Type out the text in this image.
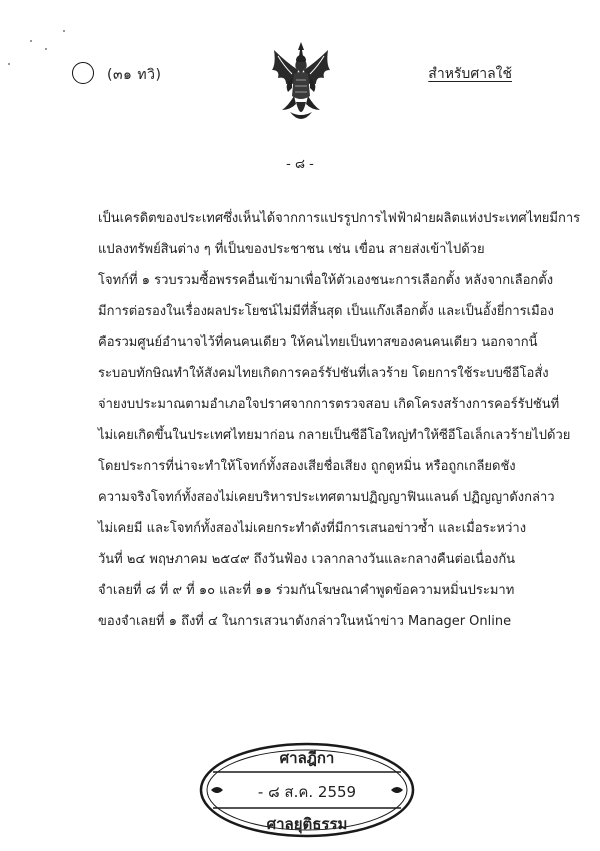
(๓๑ ทวิ)	สำหรับศาลใช้
- ๘ -
เป็นเครดิตของประเทศซึ่งเห็นได้จากการแปรรูปการไฟฟ้าฝ่ายผลิตแห่งประเทศไทยมีการ
แปลงทรัพย์สินต่าง ๆ ที่เป็นของประชาชน เช่น เขื่อน สายส่งเข้าไปด้วย
โจทก์ที่ ๑ รวบรวมซื้อพรรคอื่นเข้ามาเพื่อให้ตัวเองชนะการเลือกตั้ง หลังจากเลือกตั้ง
มีการต่อรองในเรื่องผลประโยชน์ไม่มีที่สิ้นสุด เป็นแก๊งเลือกตั้ง และเป็นอั้งยี่การเมือง
คือรวมศูนย์อำนาจไว้ที่คนคนเดียว ให้คนไทยเป็นทาสของคนคนเดียว นอกจากนี้
ระบอบทักษิณทำให้สังคมไทยเกิดการคอร์รัปชันที่เลวร้าย โดยการใช้ระบบซีอีโอสั่ง
จ่ายงบประมาณตามอำเภอใจปราศจากการตรวจสอบ เกิดโครงสร้างการคอร์รัปชันที่
ไม่เคยเกิดขึ้นในประเทศไทยมาก่อน กลายเป็นซีอีโอใหญ่ทำให้ซีอีโอเล็กเลวร้ายไปด้วย
โดยประการที่น่าจะทำให้โจทก์ทั้งสองเสียชื่อเสียง ถูกดูหมิ่น หรือถูกเกลียดชัง
ความจริงโจทก์ทั้งสองไม่เคยบริหารประเทศตามปฏิญญาฟินแลนด์ ปฏิญญาดังกล่าว
ไม่เคยมี และโจทก์ทั้งสองไม่เคยกระทำดังที่มีการเสนอข่าวซ้ำ และเมื่อระหว่าง
วันที่ ๒๔ พฤษภาคม ๒๕๔๙ ถึงวันฟ้อง เวลากลางวันและกลางคืนต่อเนื่องกัน
จำเลยที่ ๘ ที่ ๙ ที่ ๑๐ และที่ ๑๑ ร่วมกันโฆษณาคำพูดข้อความหมิ่นประมาท
ของจำเลยที่ ๑ ถึงที่ ๔ ในการเสวนาดังกล่าวในหน้าข่าว Manager Online
ศาลฎีกา
- ๘ ส.ค. 2559
ศาลยุติธรรม
